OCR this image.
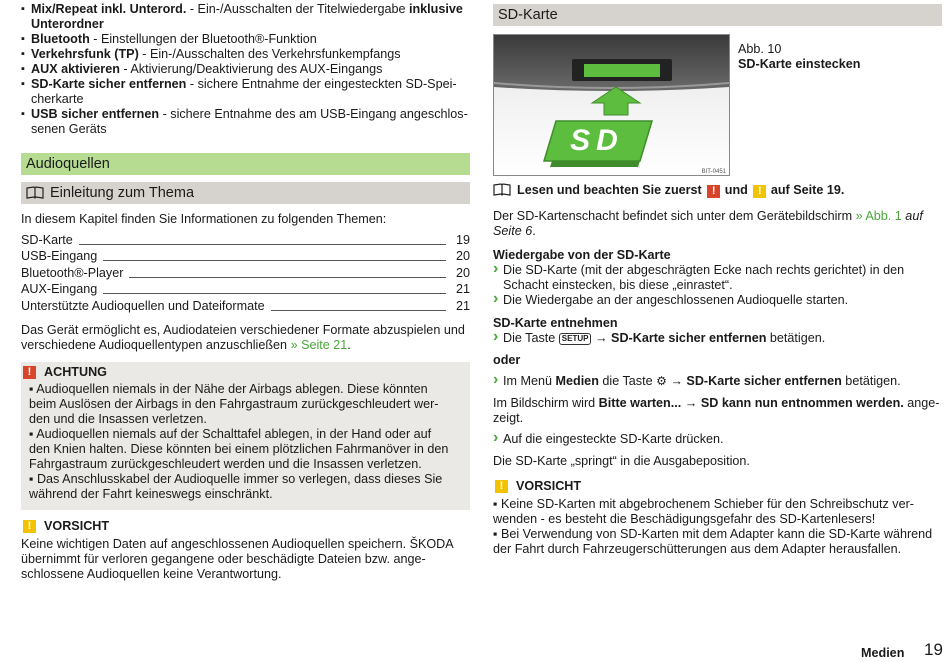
▪ Mix/Repeat inkl. Unterord. - Ein-/Ausschalten der Titelwiedergabe inklusive
Unterordner

▪ Bluetooth - Einstellungen der Bluetooth®-Funktion

▪ Verkehrsfunk (TP) - Ein-/Ausschalten des Verkehrsfunkempfangs

▪ AUX aktivieren - Aktivierung/Deaktivierung des AUX-Eingangs

▪ SD-Karte sicher entfernen - sichere Entnahme der eingesteckten SD-Spei-
cherkarte

▪ USB sicher entfernen - sichere Entnahme des am USB-Eingang angeschlos-
senen Geräts

Audioquellen
Einleitung zum Thema

In diesem Kapitel finden Sie Informationen zu folgenden Themen:

SD-Karte	19
USB-Eingang	20
Bluetooth®-Player	20
AUX-Eingang	21
Unterstützte Audioquellen und Dateiformate	21

Das Gerät ermöglicht es, Audiodateien verschiedener Formate abzuspielen und
verschiedene Audioquellentypen anzuschließen » Seite 21.

!	ACHTUNG

▪ Audioquellen niemals in der Nähe der Airbags ablegen. Diese könnten
beim Auslösen der Airbags in den Fahrgastraum zurückgeschleudert wer-
den und die Insassen verletzen.

▪ Audioquellen niemals auf der Schalttafel ablegen, in der Hand oder auf
den Knien halten. Diese könnten bei einem plötzlichen Fahrmanöver in den
Fahrgastraum zurückgeschleudert werden und die Insassen verletzen.

▪ Das Anschlusskabel der Audioquelle immer so verlegen, dass dieses Sie
während der Fahrt keineswegs einschränkt.

!	VORSICHT

Keine wichtigen Daten auf angeschlossenen Audioquellen speichern. ŠKODA
übernimmt für verloren gegangene oder beschädigte Dateien bzw. ange-
schlossene Audioquellen keine Verantwortung.

SD-Karte
SD
BIT-0451

Abb. 10

SD-Karte einstecken

Lesen und beachten Sie zuerst ! und ! auf Seite 19.

Der SD-Kartenschacht befindet sich unter dem Gerätebildschirm » Abb. 1 auf
Seite 6.

Wiedergabe von der SD-Karte

› Die SD-Karte (mit der abgeschrägten Ecke nach rechts gerichtet) in den
Schacht einstecken, bis diese „einrastet“.

› Die Wiedergabe an der angeschlossenen Audioquelle starten.

SD-Karte entnehmen

› Die Taste SETUP → SD-Karte sicher entfernen betätigen.

oder

› Im Menü Medien die Taste ⚙ → SD-Karte sicher entfernen betätigen.

Im Bildschirm wird Bitte warten... → SD kann nun entnommen werden. ange-
zeigt.

› Auf die eingesteckte SD-Karte drücken.

Die SD-Karte „springt“ in die Ausgabeposition.

!	VORSICHT

▪ Keine SD-Karten mit abgebrochenem Schieber für den Schreibschutz ver-
wenden - es besteht die Beschädigungsgefahr des SD-Kartenlesers!

▪ Bei Verwendung von SD-Karten mit dem Adapter kann die SD-Karte während
der Fahrt durch Fahrzeugerschütterungen aus dem Adapter herausfallen.

Medien 19
